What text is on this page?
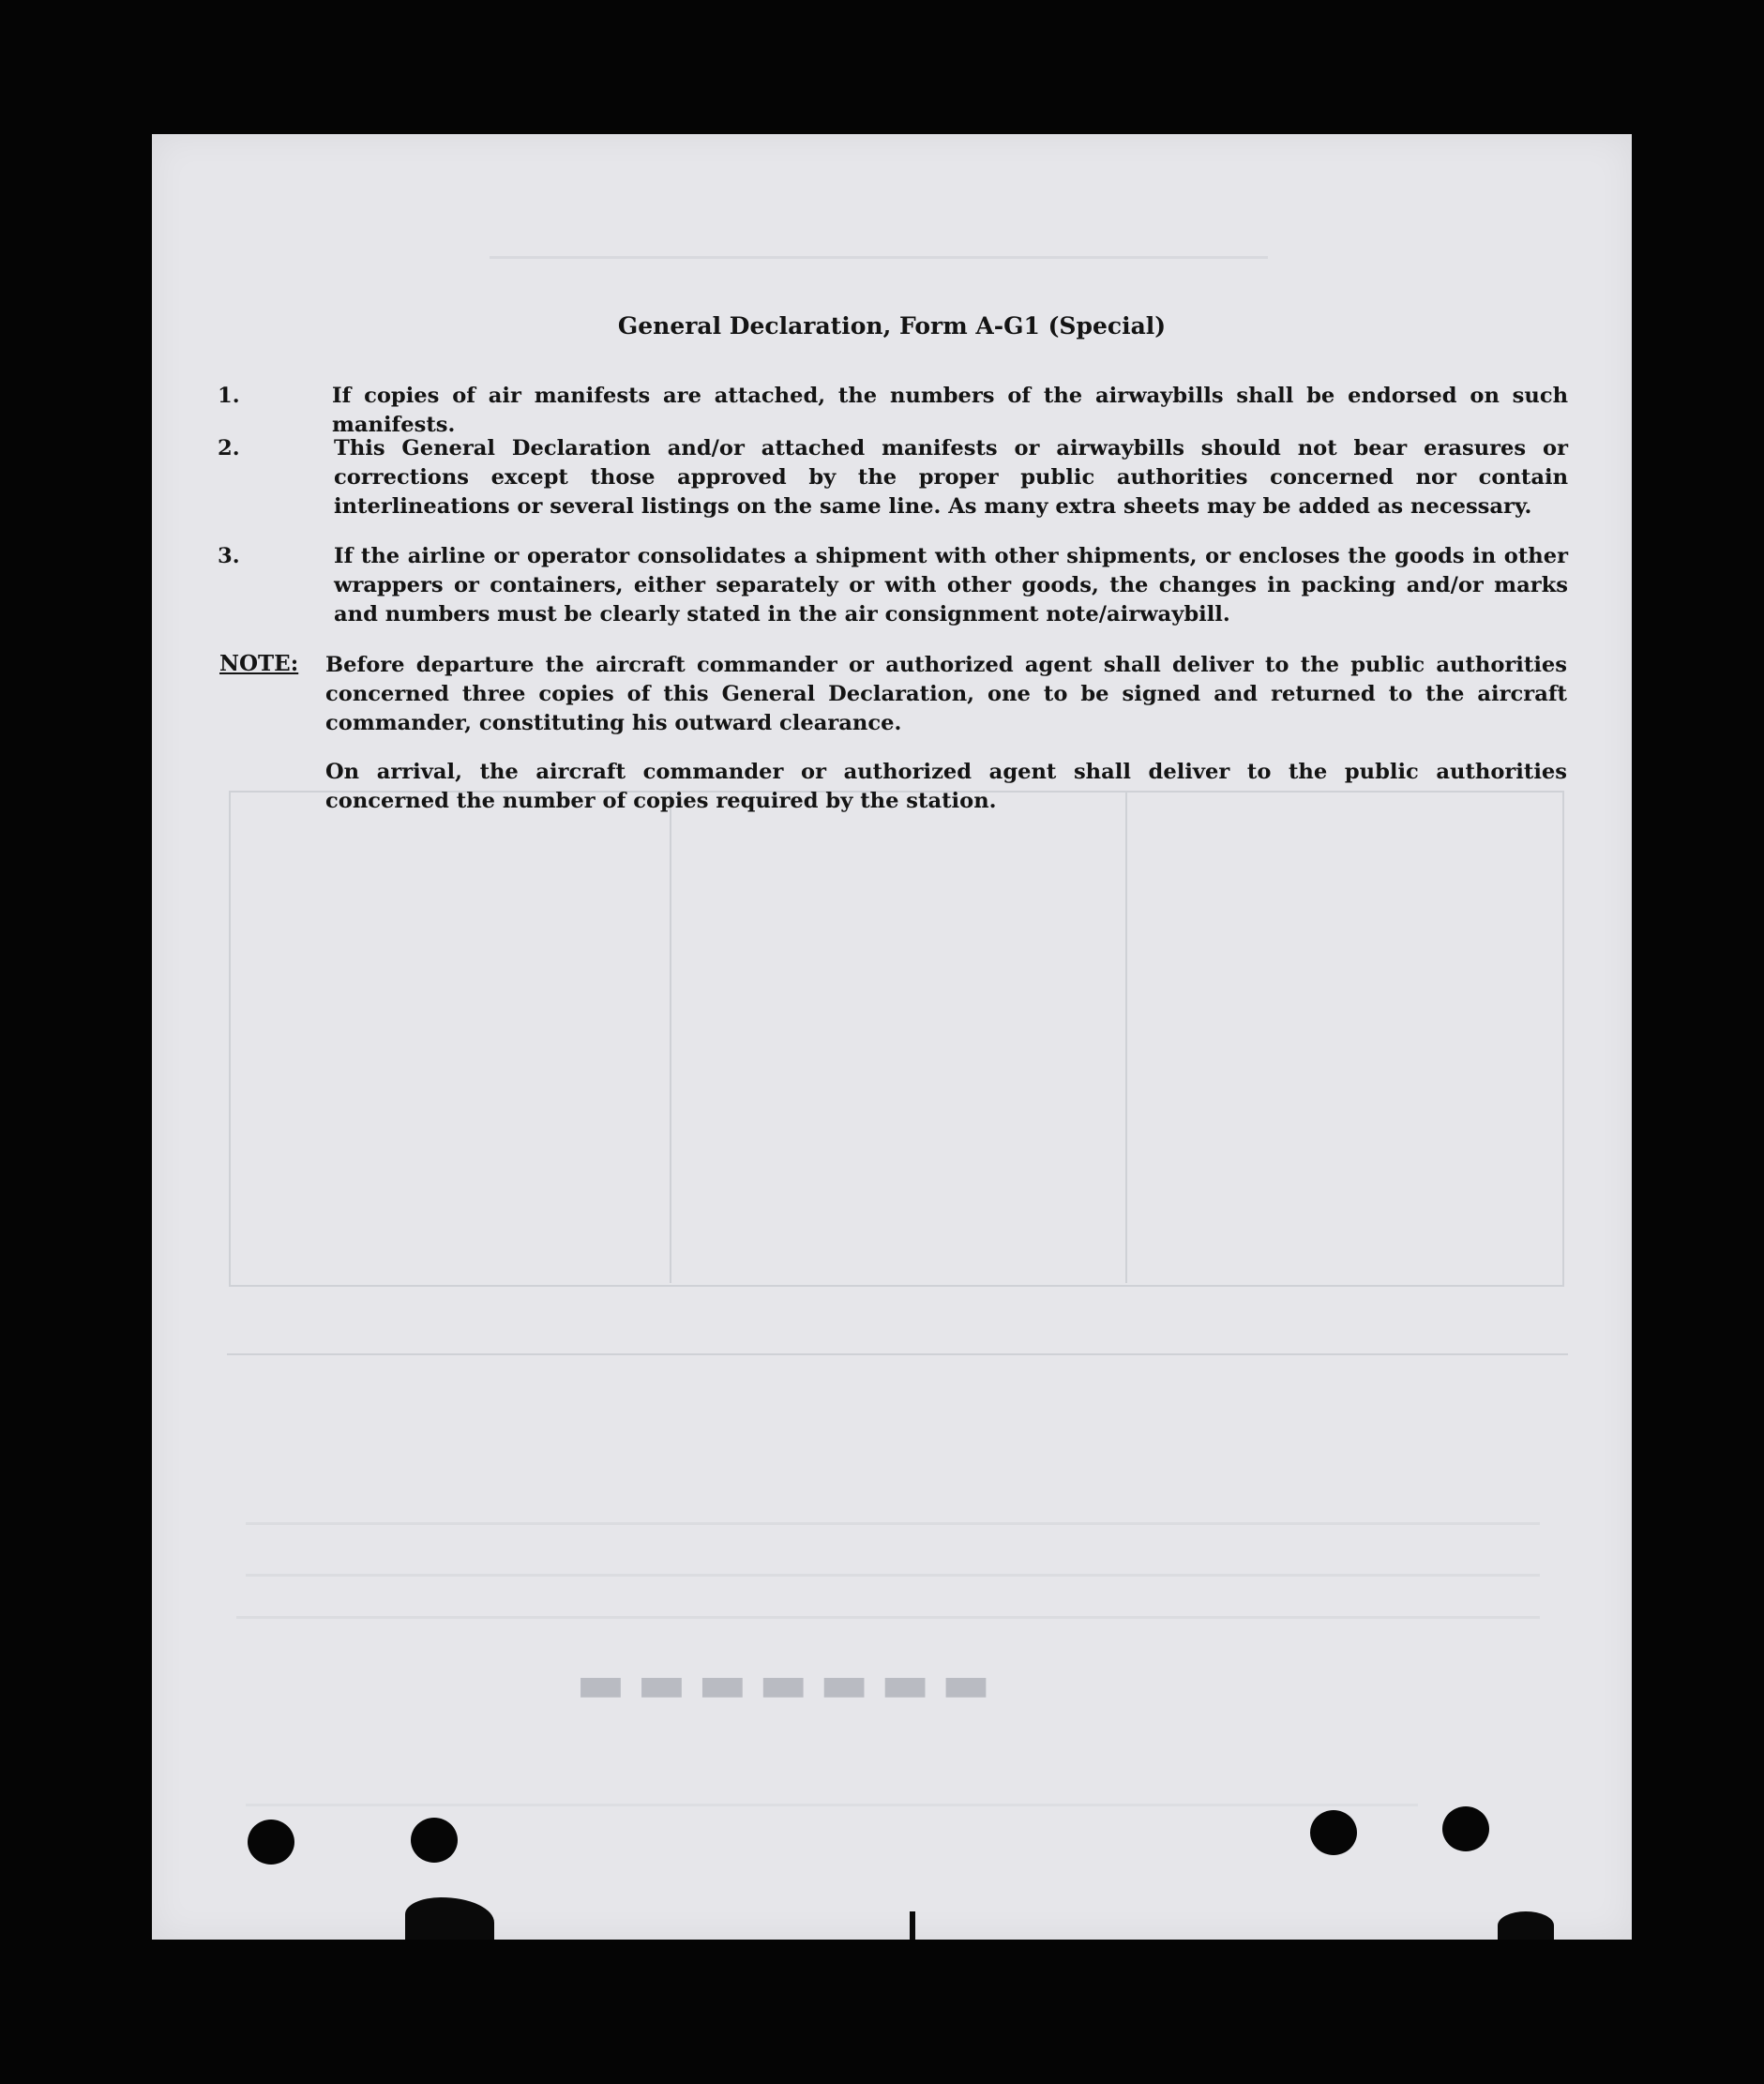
▬▬▬▬▬▬▬
General Declaration, Form A-G1 (Special)
1.	If copies of air manifests are attached, the numbers of the airwaybills shall be endorsed on such manifests.
2.	This General Declaration and/or attached manifests or airwaybills should not bear erasures or corrections except those approved by the proper public authorities concerned nor contain interlineations or several listings on the same line. As many extra sheets may be added as necessary.
3.	If the airline or operator consolidates a shipment with other shipments, or encloses the goods in other wrappers or containers, either separately or with other goods, the changes in packing and/or marks and numbers must be clearly stated in the air consignment note/airwaybill.
NOTE: Before departure the aircraft commander or authorized agent shall deliver to the public authorities concerned three copies of this General Declaration, one to be signed and returned to the aircraft commander, constituting his outward clearance.
On arrival, the aircraft commander or authorized agent shall deliver to the public authorities concerned the number of copies required by the station.
